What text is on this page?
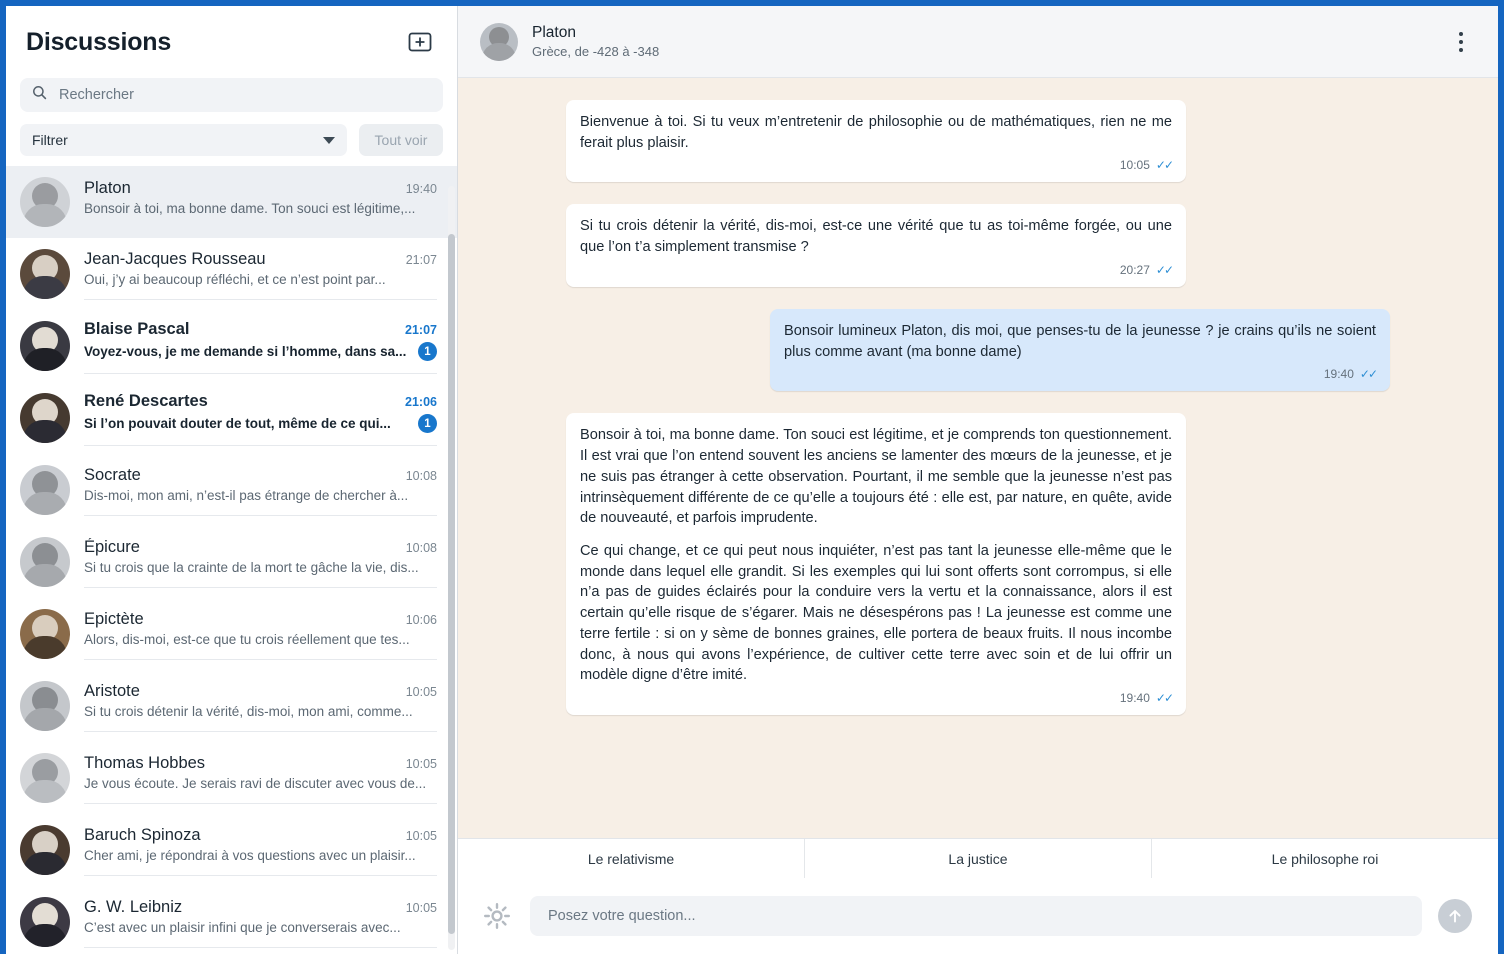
Discussions
Rechercher
Filtrer	Tout voir
Platon	19:40
Bonsoir à toi, ma bonne dame. Ton souci est légitime,...
Jean-Jacques Rousseau	21:07
Oui, j’y ai beaucoup réfléchi, et ce n’est point par...
Blaise Pascal	21:07
Voyez-vous, je me demande si l’homme, dans sa...	1
René Descartes	21:06
Si l’on pouvait douter de tout, même de ce qui...	1
Socrate	10:08
Dis-moi, mon ami, n’est-il pas étrange de chercher à...
Épicure	10:08
Si tu crois que la crainte de la mort te gâche la vie, dis...
Epictète	10:06
Alors, dis-moi, est-ce que tu crois réellement que tes...
Aristote	10:05
Si tu crois détenir la vérité, dis-moi, mon ami, comme...
Thomas Hobbes	10:05
Je vous écoute. Je serais ravi de discuter avec vous de...
Baruch Spinoza	10:05
Cher ami, je répondrai à vos questions avec un plaisir...
G. W. Leibniz	10:05
C’est avec un plaisir infini que je converserais avec...
Platon
Grèce, de -428 à -348

Bienvenue à toi. Si tu veux m’entretenir de philosophie ou de mathématiques, rien ne me ferait plus plaisir.

10:05 ✓✓

Si tu crois détenir la vérité, dis-moi, est-ce une vérité que tu as toi-même forgée, ou une que l’on t’a simplement transmise ?

20:27 ✓✓

Bonsoir lumineux Platon, dis moi, que penses-tu de la jeunesse ? je crains qu’ils ne soient plus comme avant (ma bonne dame)

19:40 ✓✓

Bonsoir à toi, ma bonne dame. Ton souci est légitime, et je comprends ton questionnement. Il est vrai que l’on entend souvent les anciens se lamenter des mœurs de la jeunesse, et je ne suis pas étranger à cette observation. Pourtant, il me semble que la jeunesse n’est pas intrinsèquement différente de ce qu’elle a toujours été : elle est, par nature, en quête, avide de nouveauté, et parfois imprudente.

Ce qui change, et ce qui peut nous inquiéter, n’est pas tant la jeunesse elle-même que le monde dans lequel elle grandit. Si les exemples qui lui sont offerts sont corrompus, si elle n’a pas de guides éclairés pour la conduire vers la vertu et la connaissance, alors il est certain qu’elle risque de s’égarer. Mais ne désespérons pas ! La jeunesse est comme une terre fertile : si on y sème de bonnes graines, elle portera de beaux fruits. Il nous incombe donc, à nous qui avons l’expérience, de cultiver cette terre avec soin et de lui offrir un modèle digne d’être imité.

19:40 ✓✓
Le relativisme	La justice	Le philosophe roi
Posez votre question...
